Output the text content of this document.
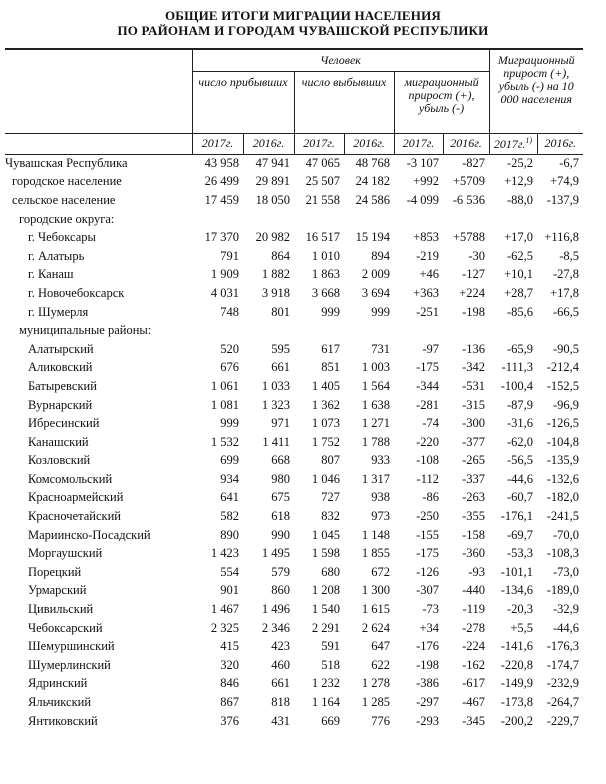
ОБЩИЕ ИТОГИ МИГРАЦИИ НАСЕЛЕНИЯ
ПО РАЙОНАМ И ГОРОДАМ ЧУВАШСКОЙ РЕСПУБЛИКИ
	Человек						Миграционный прирост (+), убыль (-) на 10 000 населения	
	число прибывших		число выбывших		миграционный прирост (+), убыль (-)			

	2017г.	2016г.	2017г.	2016г.	2017г.	2016г.	2017г.$^{1)}$	2016г.
Чувашская Республика	43 958	47 941	47 065	48 768	-3 107	-827	-25,2	-6,7
городское население	26 499	29 891	25 507	24 182	+992	+5709	+12,9	+74,9
сельское население	17 459	18 050	21 558	24 586	-4 099	-6 536	-88,0	-137,9
городские округа:								
г. Чебоксары	17 370	20 982	16 517	15 194	+853	+5788	+17,0	+116,8
г. Алатырь	791	864	1 010	894	-219	-30	-62,5	-8,5
г. Канаш	1 909	1 882	1 863	2 009	+46	-127	+10,1	-27,8
г. Новочебоксарск	4 031	3 918	3 668	3 694	+363	+224	+28,7	+17,8
г. Шумерля	748	801	999	999	-251	-198	-85,6	-66,5
муниципальные районы:								
Алатырский	520	595	617	731	-97	-136	-65,9	-90,5
Аликовский	676	661	851	1 003	-175	-342	-111,3	-212,4
Батыревский	1 061	1 033	1 405	1 564	-344	-531	-100,4	-152,5
Вурнарский	1 081	1 323	1 362	1 638	-281	-315	-87,9	-96,9
Ибресинский	999	971	1 073	1 271	-74	-300	-31,6	-126,5
Канашский	1 532	1 411	1 752	1 788	-220	-377	-62,0	-104,8
Козловский	699	668	807	933	-108	-265	-56,5	-135,9
Комсомольский	934	980	1 046	1 317	-112	-337	-44,6	-132,6
Красноармейский	641	675	727	938	-86	-263	-60,7	-182,0
Красночетайский	582	618	832	973	-250	-355	-176,1	-241,5
Мариинско-Посадский	890	990	1 045	1 148	-155	-158	-69,7	-70,0
Моргаушский	1 423	1 495	1 598	1 855	-175	-360	-53,3	-108,3
Порецкий	554	579	680	672	-126	-93	-101,1	-73,0
Урмарский	901	860	1 208	1 300	-307	-440	-134,6	-189,0
Цивильский	1 467	1 496	1 540	1 615	-73	-119	-20,3	-32,9
Чебоксарский	2 325	2 346	2 291	2 624	+34	-278	+5,5	-44,6
Шемуршинский	415	423	591	647	-176	-224	-141,6	-176,3
Шумерлинский	320	460	518	622	-198	-162	-220,8	-174,7
Ядринский	846	661	1 232	1 278	-386	-617	-149,9	-232,9
Яльчикский	867	818	1 164	1 285	-297	-467	-173,8	-264,7
Янтиковский	376	431	669	776	-293	-345	-200,2	-229,7
